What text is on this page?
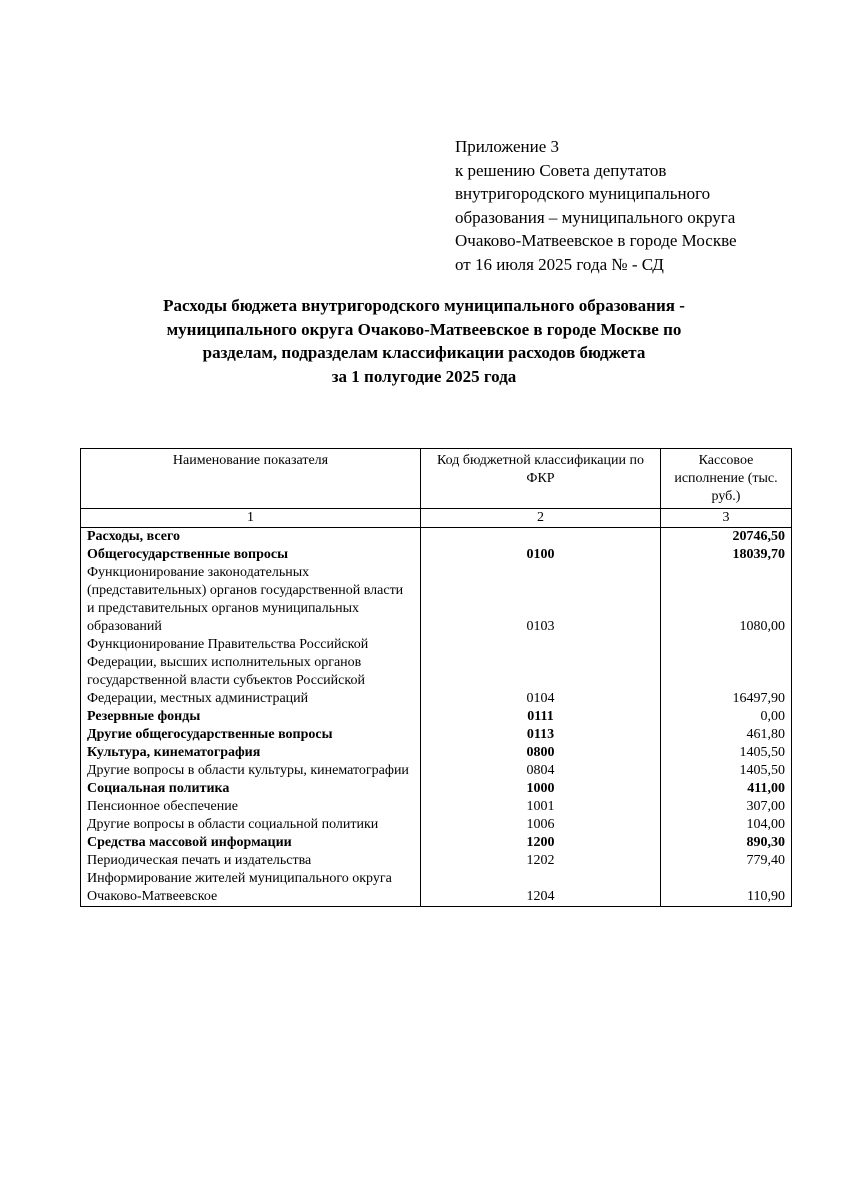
Приложение 3
к решению Совета депутатов
внутригородского муниципального
образования – муниципального округа
Очаково-Матвеевское в городе Москве
от 16 июля 2025 года № - СД
Расходы бюджета внутригородского муниципального образования -
муниципального округа Очаково-Матвеевское в городе Москве по
разделам, подразделам классификации расходов бюджета
за 1 полугодие 2025 года
Наименование показателя	Код бюджетной классификации по ФКР	Кассовое исполнение (тыс. руб.)
1	2	3
Расходы, всего		20746,50
Общегосударственные вопросы	0100	18039,70
Функционирование законодательных (представительных) органов государственной власти и представительных органов муниципальных образований	0103	1080,00
Функционирование Правительства Российской Федерации, высших исполнительных органов государственной власти субъектов Российской Федерации, местных администраций	0104	16497,90
Резервные фонды	0111	0,00
Другие общегосударственные вопросы	0113	461,80
Культура, кинематография	0800	1405,50
Другие вопросы в области культуры, кинематографии	0804	1405,50
Социальная политика	1000	411,00
Пенсионное обеспечение	1001	307,00
Другие вопросы в области социальной политики	1006	104,00
Средства массовой информации	1200	890,30
Периодическая печать и издательства	1202	779,40
Информирование жителей муниципального округа Очаково-Матвеевское	1204	110,90
